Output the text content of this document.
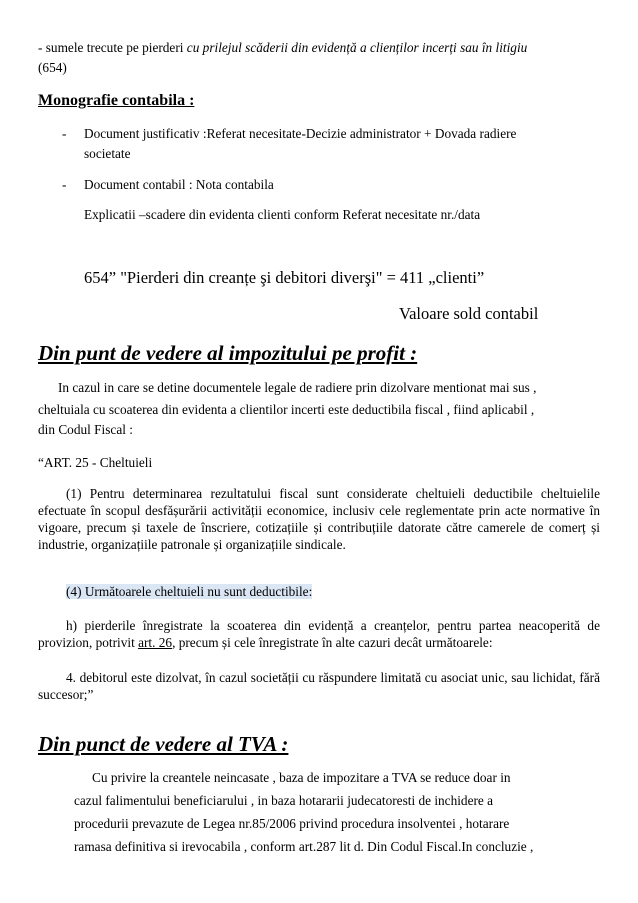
- sumele trecute pe pierderi cu prilejul scăderii din evidență a clienților incerți sau în litigiu
(654)
Monografie contabila :
- Document justificativ :Referat necesitate-Decizie administrator + Dovada radiere
societate
- Document contabil : Nota contabila
Explicatii –scadere din evidenta clienti conform Referat necesitate nr./data
654” "Pierderi din creanțe şi debitori diverşi" = 411 „clienti”
Valoare sold contabil
Din punt de vedere al impozitului pe profit :
In cazul in care se detine documentele legale de radiere prin dizolvare mentionat mai sus ,
cheltuiala cu scoaterea din evidenta a clientilor incerti este deductibila fiscal , fiind aplicabil ,
din Codul Fiscal :
“ART. 25 - Cheltuieli
(1) Pentru determinarea rezultatului fiscal sunt considerate cheltuieli deductibile cheltuielile efectuate în scopul desfășurării activității economice, inclusiv cele reglementate prin acte normative în vigoare, precum și taxele de înscriere, cotizațiile și contribuțiile datorate către camerele de comerț și industrie, organizațiile patronale și organizațiile sindicale.
(4) Următoarele cheltuieli nu sunt deductibile:
h) pierderile înregistrate la scoaterea din evidență a creanțelor, pentru partea neacoperită de provizion, potrivit art. 26, precum și cele înregistrate în alte cazuri decât următoarele:
4. debitorul este dizolvat, în cazul societății cu răspundere limitată cu asociat unic, sau lichidat, fără succesor;”
Din punct de vedere al TVA :
Cu privire la creantele neincasate , baza de impozitare a TVA se reduce doar in
cazul falimentului beneficiarului , in baza hotararii judecatoresti de inchidere a
procedurii prevazute de Legea nr.85/2006 privind procedura insolventei , hotarare
ramasa definitiva si irevocabila , conform art.287 lit d. Din Codul Fiscal.In concluzie ,
